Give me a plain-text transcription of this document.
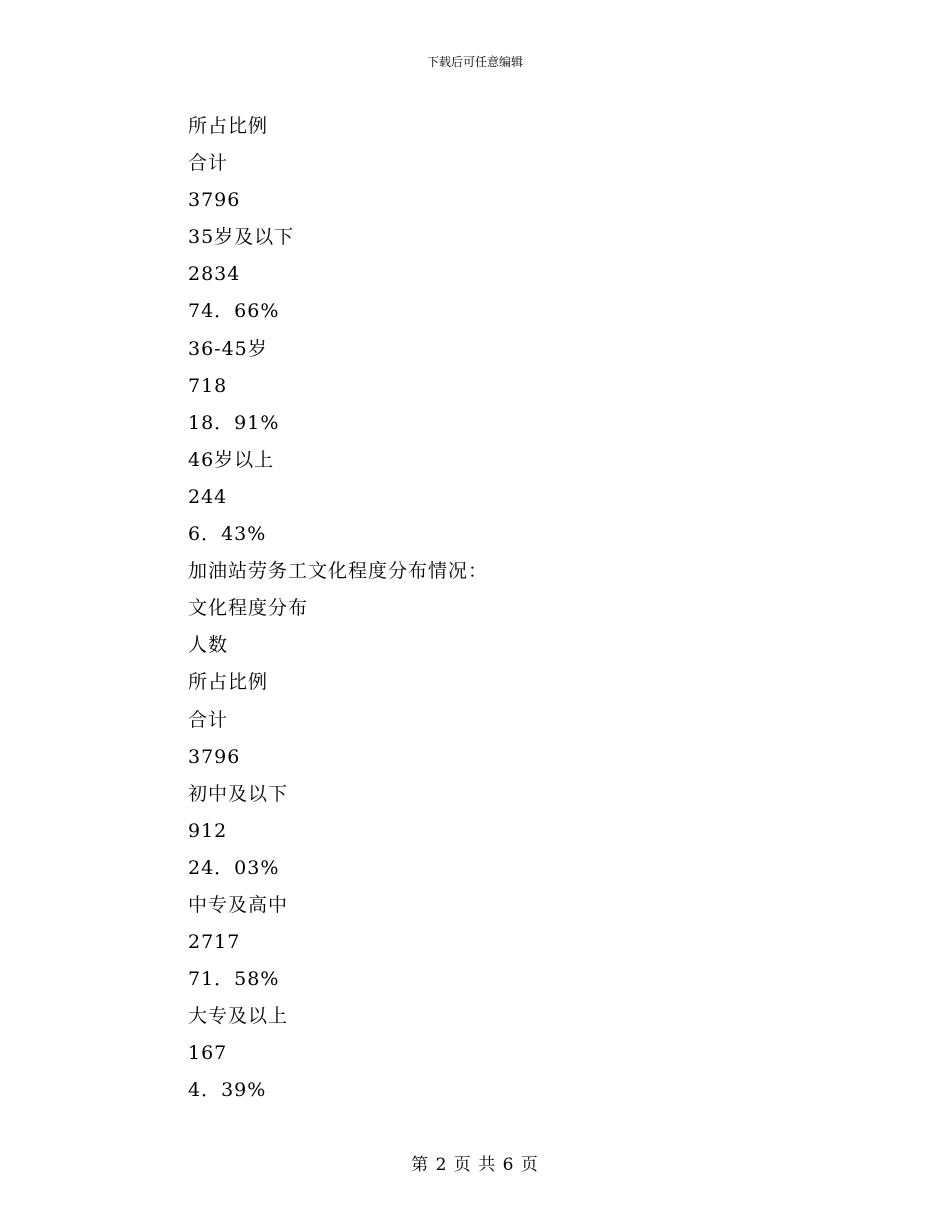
下载后可任意编辑
所占比例
合计
3796
35岁及以下
2834
74．66%
36-45岁
718
18．91%
46岁以上
244
6．43%
加油站劳务工文化程度分布情况：
文化程度分布
人数
所占比例
合计
3796
初中及以下
912
24．03%
中专及高中
2717
71．58%
大专及以上
167
4．39%
第 2 页 共 6 页
